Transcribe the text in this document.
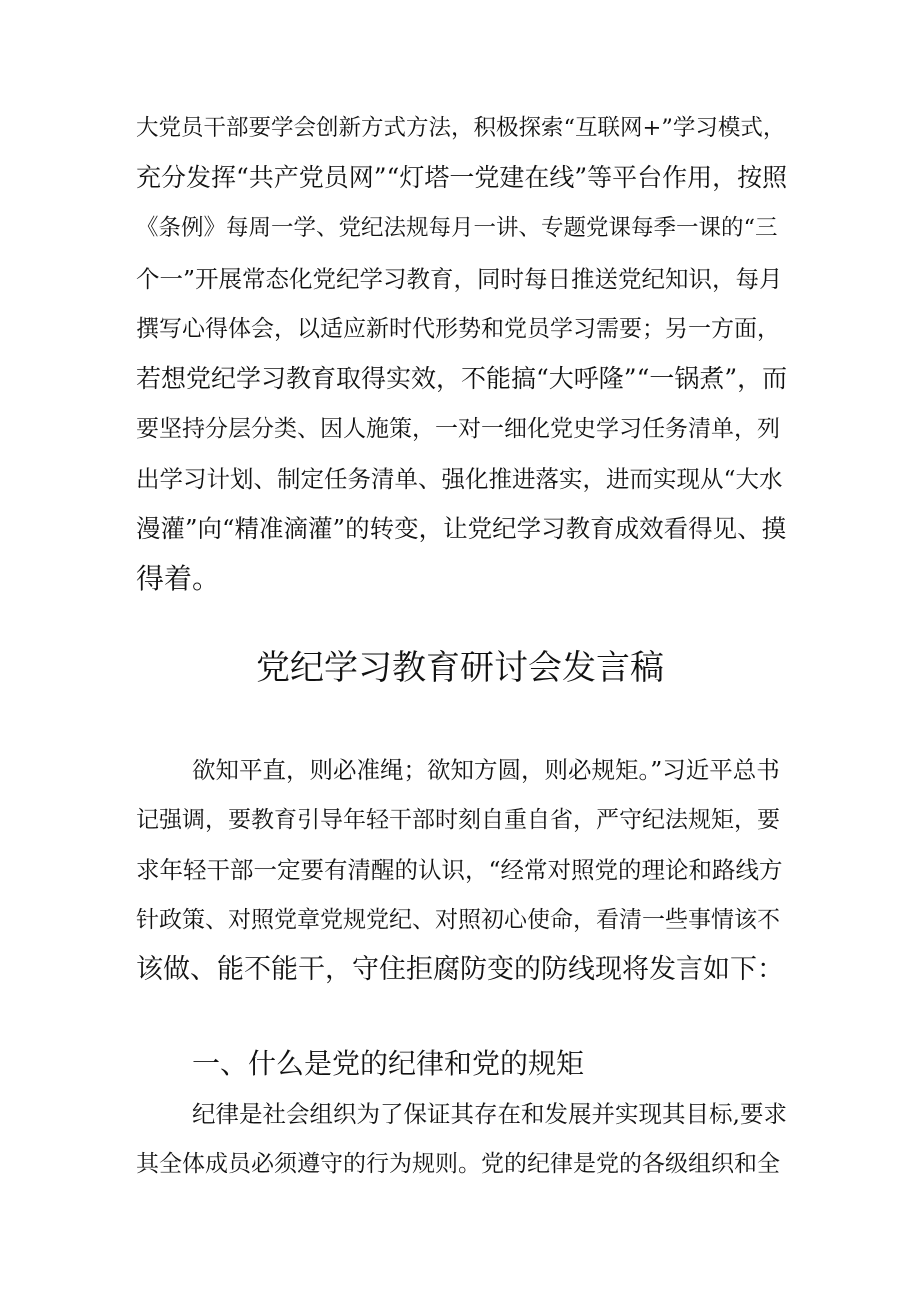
大党员干部要学会创新方式方法，积极探索“互联网+”学习模式，
充分发挥“共产党员网”“灯塔一党建在线”等平台作用，按照
《条例》每周一学、党纪法规每月一讲、专题党课每季一课的“三
个一”开展常态化党纪学习教育，同时每日推送党纪知识，每月
撰写心得体会，以适应新时代形势和党员学习需要；另一方面，
若想党纪学习教育取得实效，不能搞“大呼隆”“一锅煮”，而
要坚持分层分类、因人施策，一对一细化党史学习任务清单，列
出学习计划、制定任务清单、强化推进落实，进而实现从“大水
漫灌”向“精准滴灌”的转变，让党纪学习教育成效看得见、摸
得着。
党纪学习教育研讨会发言稿
欲知平直，则必准绳；欲知方圆，则必规矩。”习近平总书
记强调，要教育引导年轻干部时刻自重自省，严守纪法规矩，要
求年轻干部一定要有清醒的认识，“经常对照党的理论和路线方
针政策、对照党章党规党纪、对照初心使命，看清一些事情该不
该做、能不能干，守住拒腐防变的防线现将发言如下：
一、什么是党的纪律和党的规矩
纪律是社会组织为了保证其存在和发展并实现其目标,要求
其全体成员必须遵守的行为规则。党的纪律是党的各级组织和全
